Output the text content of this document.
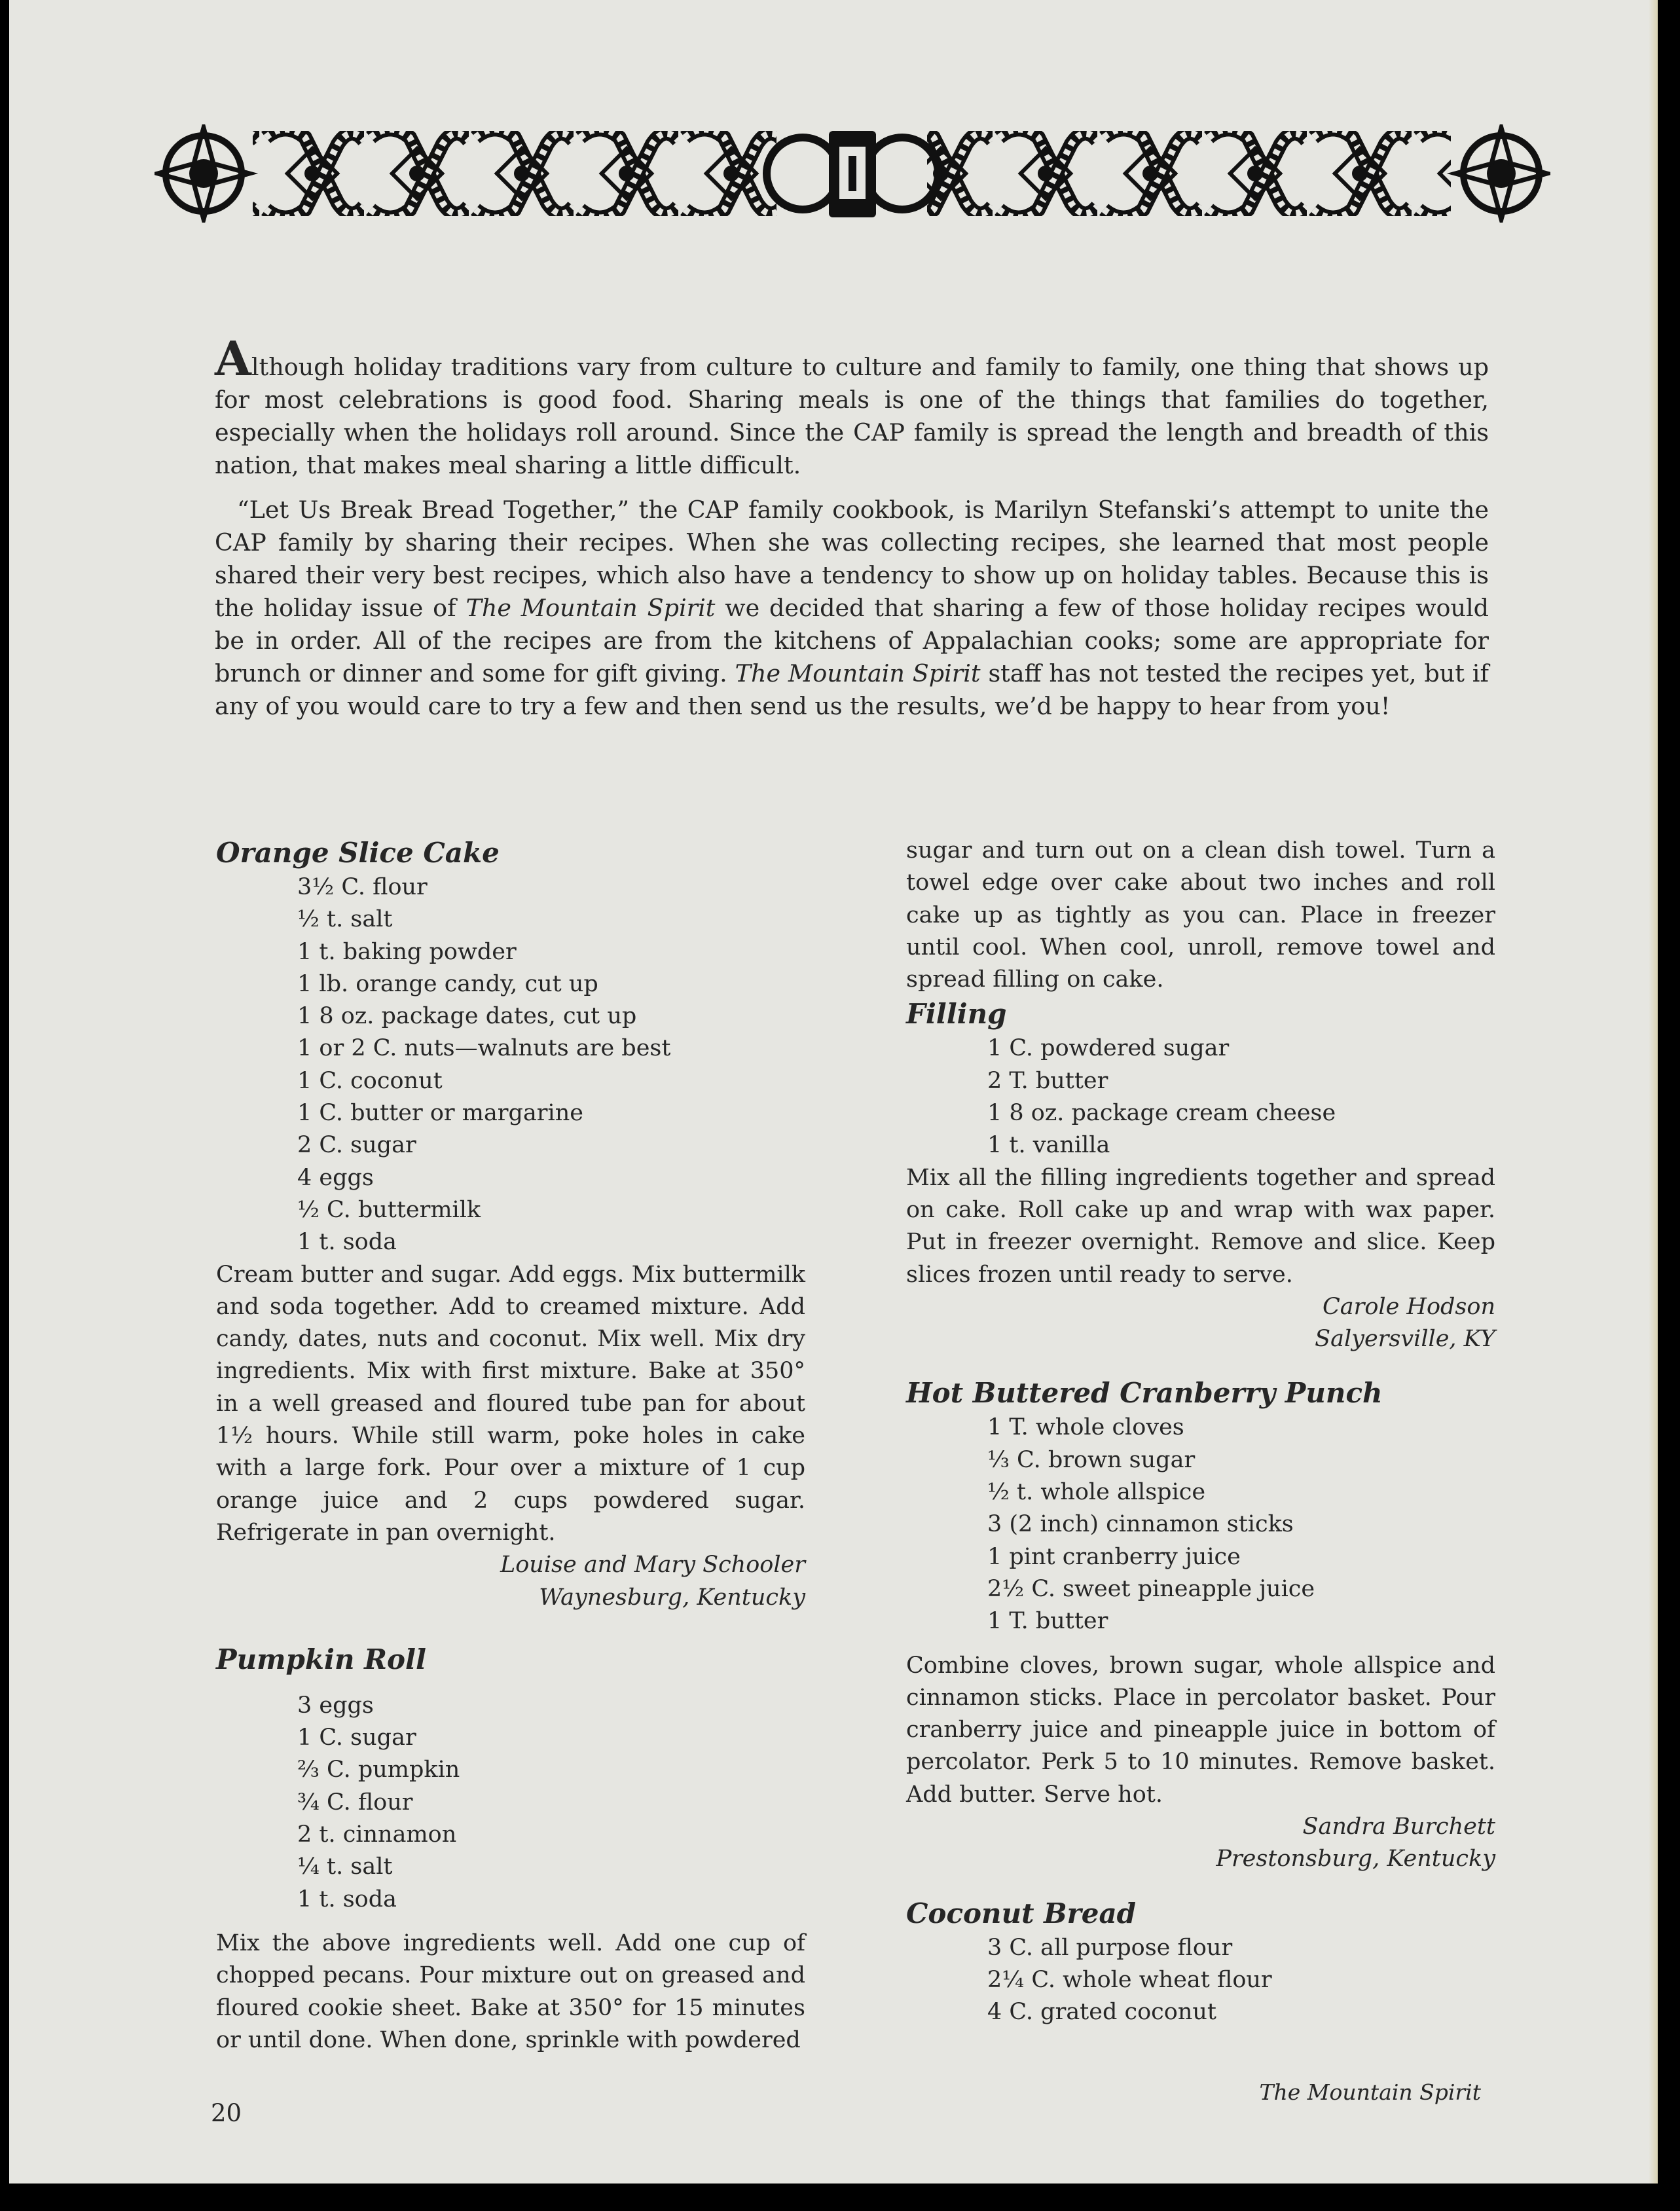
Although holiday traditions vary from culture to culture and family to family, one thing that shows up for most celebrations is good food. Sharing meals is one of the things that families do together, especially when the holidays roll around. Since the CAP family is spread the length and breadth of this nation, that makes meal sharing a little difficult.

“Let Us Break Bread Together,” the CAP family cookbook, is Marilyn Stefanski’s attempt to unite the CAP family by sharing their recipes. When she was collecting recipes, she learned that most people shared their very best recipes, which also have a tendency to show up on holiday tables. Because this is the holiday issue of The Mountain Spirit we decided that sharing a few of those holiday recipes would be in order. All of the recipes are from the kitchens of Appalachian cooks; some are appropriate for brunch or dinner and some for gift giving. The Mountain Spirit staff has not tested the recipes yet, but if any of you would care to try a few and then send us the results, we’d be happy to hear from you!

Orange Slice Cake

3½ C. flour
½ t. salt
1 t. baking powder
1 lb. orange candy, cut up
1 8 oz. package dates, cut up
1 or 2 C. nuts—walnuts are best
1 C. coconut
1 C. butter or margarine
2 C. sugar
4 eggs
½ C. buttermilk
1 t. soda

Cream butter and sugar. Add eggs. Mix buttermilk and soda together. Add to creamed mixture. Add candy, dates, nuts and coconut. Mix well. Mix dry ingredients. Mix with first mixture. Bake at 350° in a well greased and floured tube pan for about 1½ hours. While still warm, poke holes in cake with a large fork. Pour over a mixture of 1 cup orange juice and 2 cups powdered sugar. Refrigerate in pan overnight.

Louise and Mary Schooler
Waynesburg, Kentucky

Pumpkin Roll

3 eggs
1 C. sugar
⅔ C. pumpkin
¾ C. flour
2 t. cinnamon
¼ t. salt
1 t. soda

Mix the above ingredients well. Add one cup of chopped pecans. Pour mixture out on greased and floured cookie sheet. Bake at 350° for 15 minutes or until done. When done, sprinkle with powdered

sugar and turn out on a clean dish towel. Turn a towel edge over cake about two inches and roll cake up as tightly as you can. Place in freezer until cool. When cool, unroll, remove towel and spread filling on cake.

Filling

1 C. powdered sugar
2 T. butter
1 8 oz. package cream cheese
1 t. vanilla

Mix all the filling ingredients together and spread on cake. Roll cake up and wrap with wax paper. Put in freezer overnight. Remove and slice. Keep slices frozen until ready to serve.

Carole Hodson
Salyersville, KY

Hot Buttered Cranberry Punch

1 T. whole cloves
⅓ C. brown sugar
½ t. whole allspice
3 (2 inch) cinnamon sticks
1 pint cranberry juice
2½ C. sweet pineapple juice
1 T. butter

Combine cloves, brown sugar, whole allspice and cinnamon sticks. Place in percolator basket. Pour cranberry juice and pineapple juice in bottom of percolator. Perk 5 to 10 minutes. Remove basket. Add butter. Serve hot.

Sandra Burchett
Prestonsburg, Kentucky

Coconut Bread

3 C. all purpose flour
2¼ C. whole wheat flour
4 C. grated coconut
20
The Mountain Spirit
